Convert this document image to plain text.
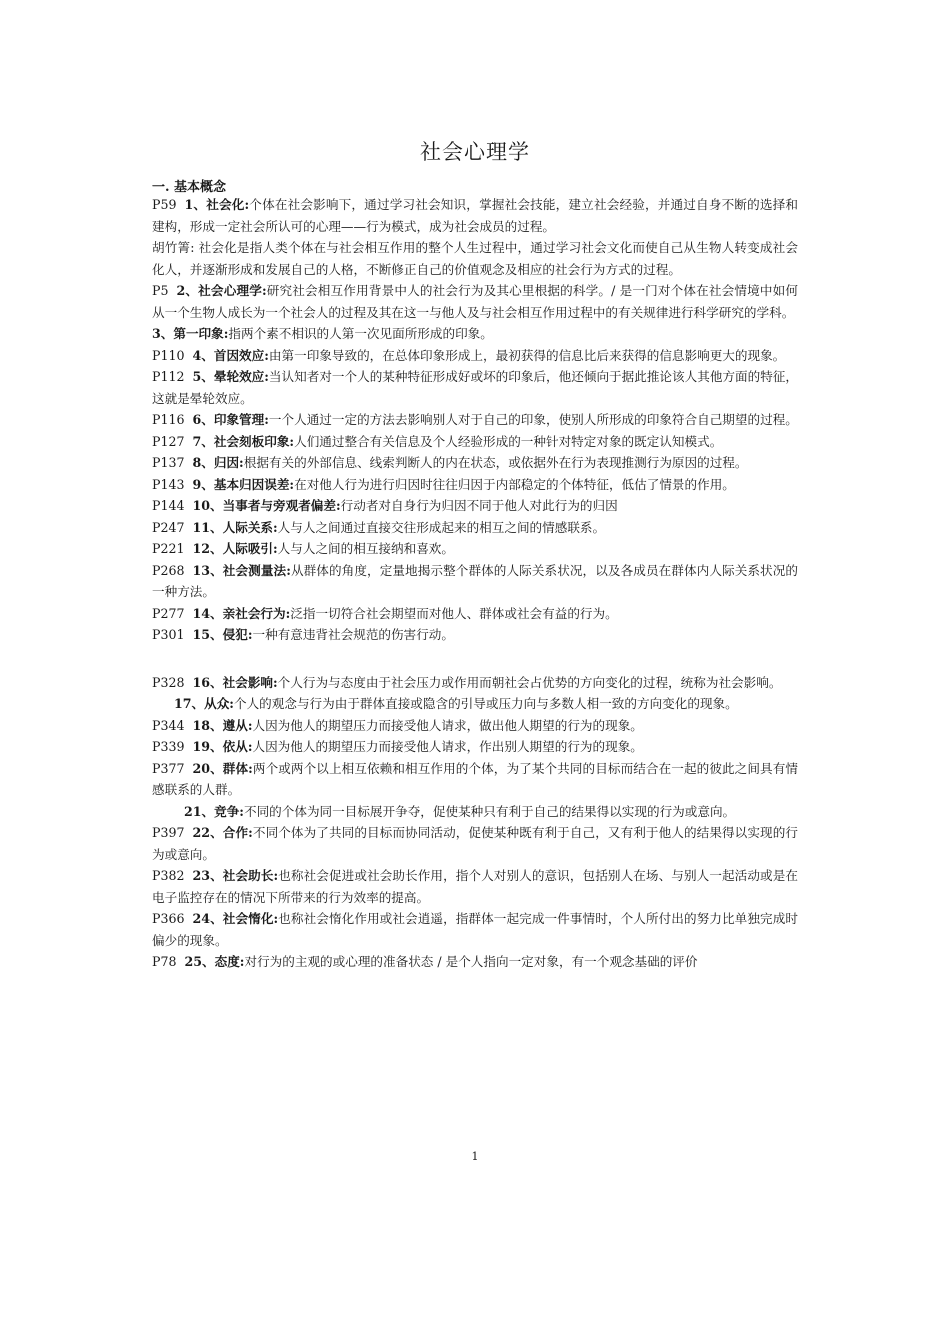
社会心理学
一. 基本概念
P59 1、社会化:个体在社会影响下，通过学习社会知识，掌握社会技能，建立社会经验，并通过自身不断的选择和建构，形成一定社会所认可的心理——行为模式，成为社会成员的过程。
胡竹箐: 社会化是指人类个体在与社会相互作用的整个人生过程中，通过学习社会文化而使自己从生物人转变成社会化人，并逐渐形成和发展自己的人格，不断修正自己的价值观念及相应的社会行为方式的过程。
P5 2、社会心理学:研究社会相互作用背景中人的社会行为及其心里根据的科学。/ 是一门对个体在社会情境中如何从一个生物人成长为一个社会人的过程及其在这一与他人及与社会相互作用过程中的有关规律进行科学研究的学科。
3、第一印象:指两个素不相识的人第一次见面所形成的印象。
P110 4、首因效应:由第一印象导致的，在总体印象形成上，最初获得的信息比后来获得的信息影响更大的现象。
P112 5、晕轮效应:当认知者对一个人的某种特征形成好或坏的印象后，他还倾向于据此推论该人其他方面的特征，这就是晕轮效应。
P116 6、印象管理:一个人通过一定的方法去影响别人对于自己的印象，使别人所形成的印象符合自己期望的过程。
P127 7、社会刻板印象:人们通过整合有关信息及个人经验形成的一种针对特定对象的既定认知模式。
P137 8、归因:根据有关的外部信息、线索判断人的内在状态，或依据外在行为表现推测行为原因的过程。
P143 9、基本归因误差:在对他人行为进行归因时往往归因于内部稳定的个体特征，低估了情景的作用。
P144 10、当事者与旁观者偏差:行动者对自身行为归因不同于他人对此行为的归因
P247 11、人际关系:人与人之间通过直接交往形成起来的相互之间的情感联系。
P221 12、人际吸引:人与人之间的相互接纳和喜欢。
P268 13、社会测量法:从群体的角度，定量地揭示整个群体的人际关系状况，以及各成员在群体内人际关系状况的一种方法。
P277 14、亲社会行为:泛指一切符合社会期望而对他人、群体或社会有益的行为。
P301 15、侵犯:一种有意违背社会规范的伤害行动。
P328 16、社会影响:个人行为与态度由于社会压力或作用而朝社会占优势的方向变化的过程，统称为社会影响。
17、从众:个人的观念与行为由于群体直接或隐含的引导或压力向与多数人相一致的方向变化的现象。
P344 18、遵从:人因为他人的期望压力而接受他人请求，做出他人期望的行为的现象。
P339 19、依从:人因为他人的期望压力而接受他人请求，作出别人期望的行为的现象。
P377 20、群体:两个或两个以上相互依赖和相互作用的个体，为了某个共同的目标而结合在一起的彼此之间具有情感联系的人群。
21、竞争:不同的个体为同一目标展开争夺，促使某种只有利于自己的结果得以实现的行为或意向。
P397 22、合作:不同个体为了共同的目标而协同活动，促使某种既有利于自己，又有利于他人的结果得以实现的行为或意向。
P382 23、社会助长:也称社会促进或社会助长作用，指个人对别人的意识，包括别人在场、与别人一起活动或是在电子监控存在的情况下所带来的行为效率的提高。
P366 24、社会惰化:也称社会惰化作用或社会逍遥，指群体一起完成一件事情时，个人所付出的努力比单独完成时偏少的现象。
P78 25、态度:对行为的主观的或心理的准备状态 / 是个人指向一定对象，有一个观念基础的评价
1
